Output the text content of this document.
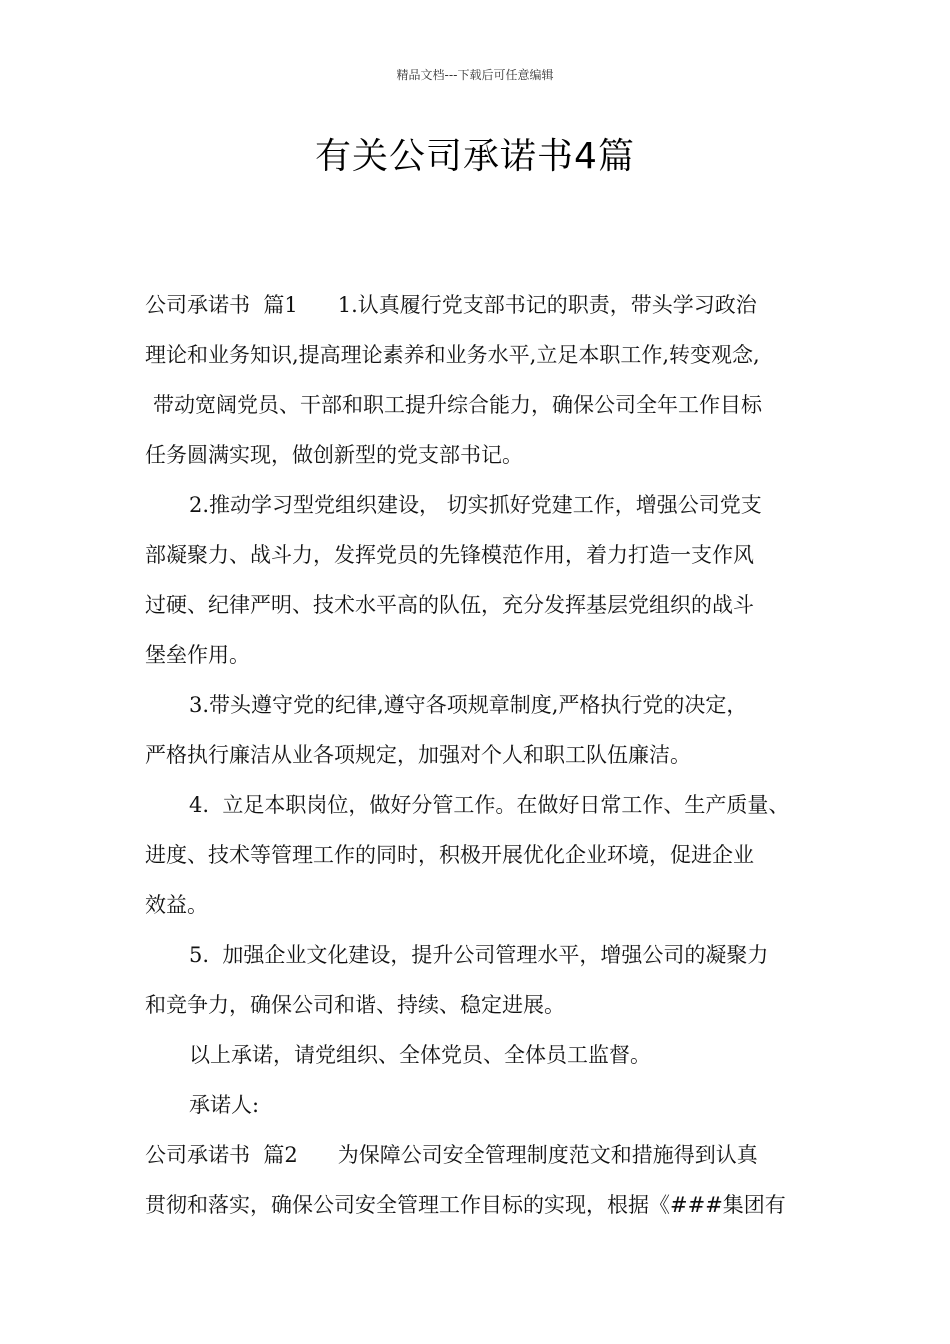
精品文档---下载后可任意编辑
有关公司承诺书4篇
公司承诺书  篇1      1.认真履行党支部书记的职责，带头学习政治
理论和业务知识,提高理论素养和业务水平,立足本职工作,转变观念,
带动宽阔党员、干部和职工提升综合能力，确保公司全年工作目标
任务圆满实现，做创新型的党支部书记。
2.推动学习型党组织建设， 切实抓好党建工作，增强公司党支
部凝聚力、战斗力，发挥党员的先锋模范作用，着力打造一支作风
过硬、纪律严明、技术水平高的队伍，充分发挥基层党组织的战斗
堡垒作用。
3.带头遵守党的纪律,遵守各项规章制度,严格执行党的决定，
严格执行廉洁从业各项规定，加强对个人和职工队伍廉洁。
4.  立足本职岗位，做好分管工作。在做好日常工作、生产质量、
进度、技术等管理工作的同时，积极开展优化企业环境，促进企业
效益。
5.  加强企业文化建设，提升公司管理水平，增强公司的凝聚力
和竞争力，确保公司和谐、持续、稳定进展。
以上承诺，请党组织、全体党员、全体员工监督。
承诺人:
公司承诺书  篇2      为保障公司安全管理制度范文和措施得到认真
贯彻和落实，确保公司安全管理工作目标的实现，根据《###集团有
